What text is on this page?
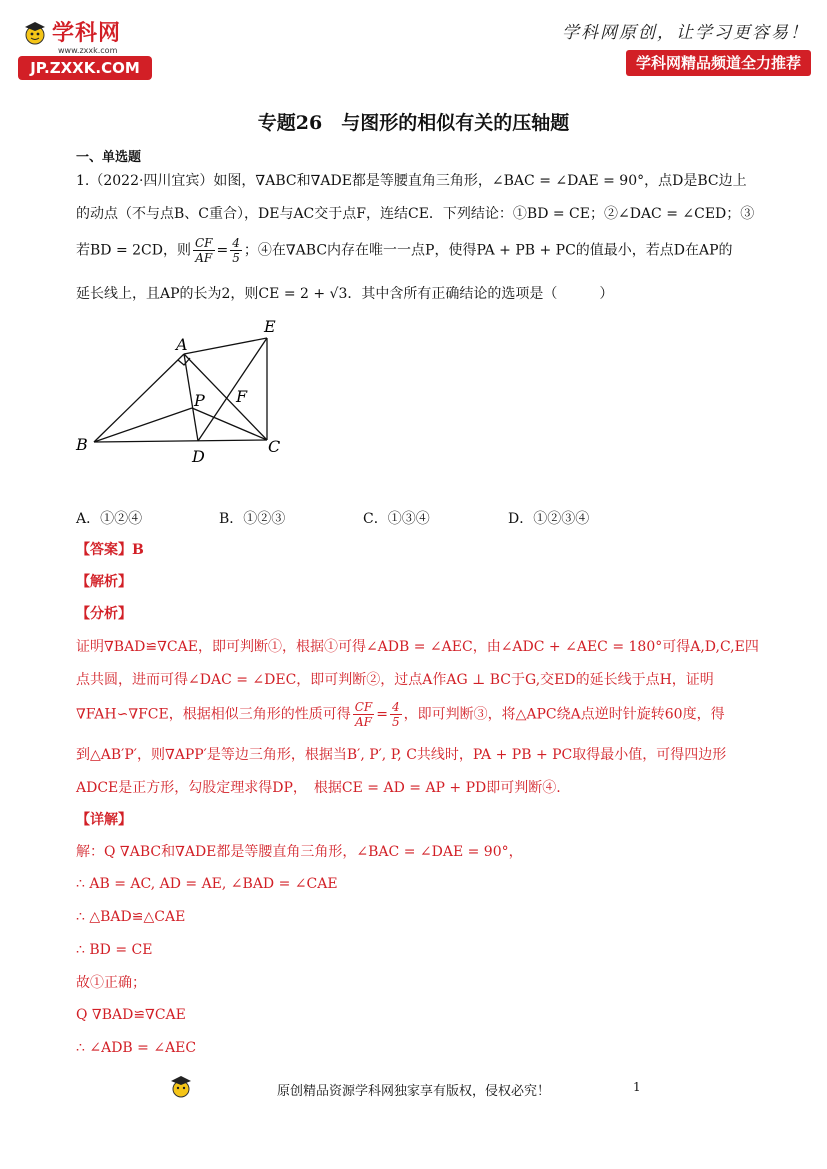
学科网
www.zxxk.com
JP.ZXXK.COM
学科网原创，让学习更容易！
学科网精品频道全力推荐
专题26　与图形的相似有关的压轴题
一、单选题
1.（2022·四川宜宾）如图，∇ABC和∇ADE都是等腰直角三角形，∠BAC = ∠DAE = 90°，点D是BC边上
的动点（不与点B、C重合），DE与AC交于点F，连结CE．下列结论：①BD = CE；②∠DAC = ∠CED；③
若BD = 2CD，则 $\frac{CF}{AF} = \frac{4}{5}$ ；④在∇ABC内存在唯一一点P，使得PA + PB + PC的值最小，若点D在AP的
延长线上，且AP的长为2，则CE = 2 + √3．其中含所有正确结论的选项是（　　　）
A
E
P F
B
D
C
A．①②④	B．①②③	C．①③④	D．①②③④
【答案】B
【解析】
【分析】
证明∇BAD≌∇CAE，即可判断①，根据①可得∠ADB = ∠AEC，由∠ADC + ∠AEC = 180°可得A,D,C,E四
点共圆，进而可得∠DAC = ∠DEC，即可判断②，过点A作AG ⊥ BC于G,交ED的延长线于点H，证明
∇FAH∽∇FCE，根据相似三角形的性质可得 $\frac{CF}{AF} = \frac{4}{5}$ ，即可判断③，将△APC绕A点逆时针旋转60度，得
到△AB′P′，则∇APP′是等边三角形，根据当B′, P′, P, C共线时，PA + PB + PC取得最小值，可得四边形
ADCE是正方形，勾股定理求得DP，　根据CE = AD = AP + PD即可判断④.
【详解】
解：Q ∇ABC和∇ADE都是等腰直角三角形，∠BAC = ∠DAE = 90°，
∴ AB = AC, AD = AE, ∠BAD = ∠CAE
∴ △BAD≌△CAE
∴ BD = CE
故①正确；
Q ∇BAD≌∇CAE
∴ ∠ADB = ∠AEC
原创精品资源学科网独家享有版权，侵权必究！	1
